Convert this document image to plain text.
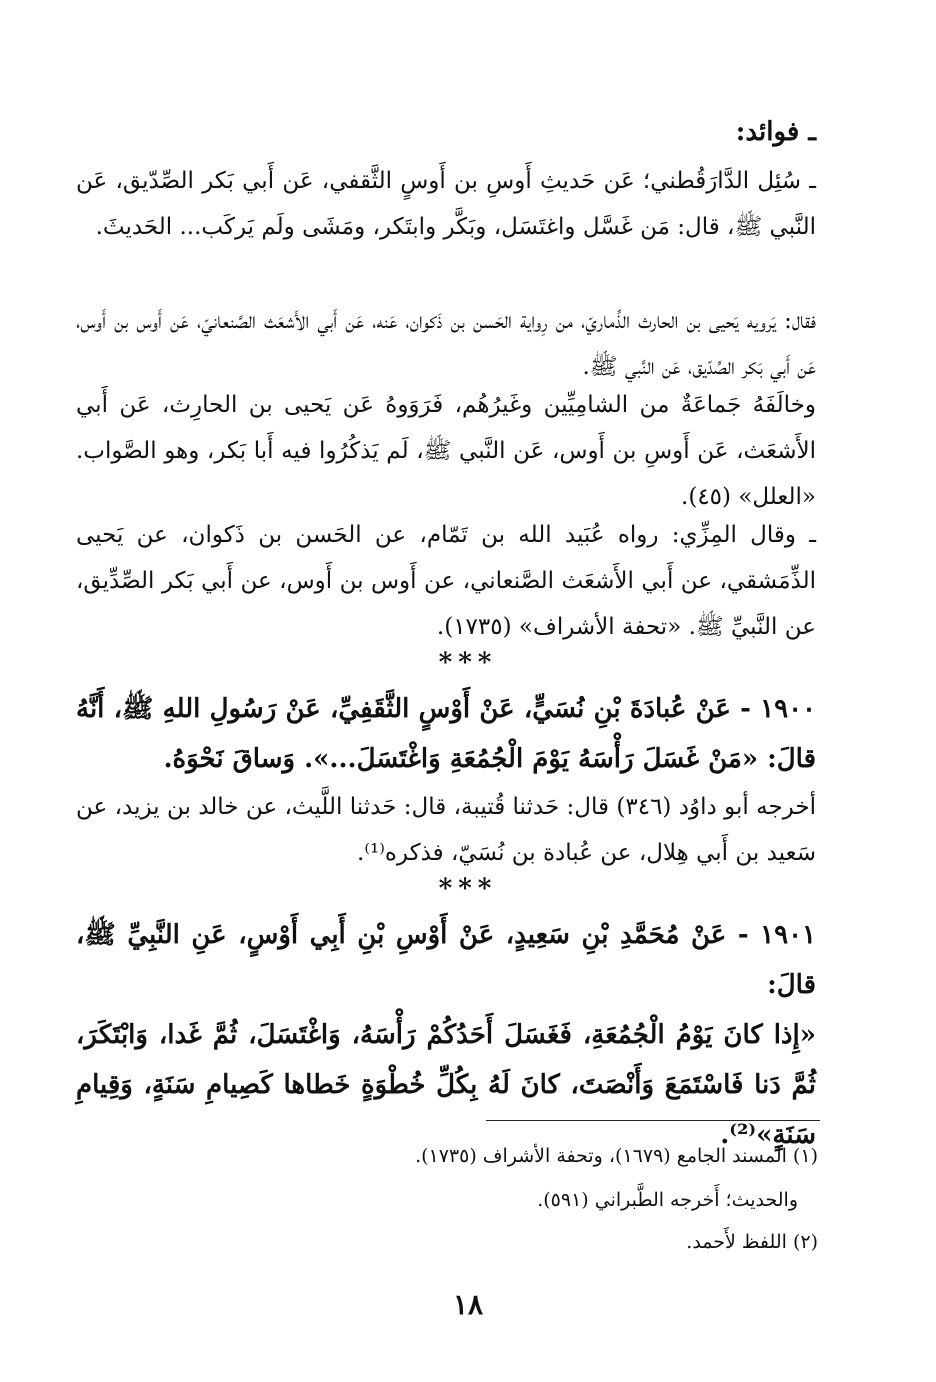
ـ فوائد:
ـ سُئِل الدَّارَقُطني؛ عَن حَديثِ أَوسِ بن أَوسٍ الثَّقفي، عَن أَبي بَكر الصِّدّيق، عَن النَّبي ﷺ، قال: مَن غَسَّل واغتَسَل، وبَكَّر وابتَكر، ومَشَى ولَم يَركَب... الحَديثَ.
فقال: يَرويه يَحيى بن الحارث الذِّماريّ، من رِواية الحَسن بن ذَكوان، عَنه، عَن أَبي الأَشعَث الصَّنعانيّ، عَن أَوس بن أَوس، عَن أَبي بَكر الصِّدّيق، عَن النَّبي ﷺ.
وخالَفَهُ جَماعَةٌ من الشامِيِّين وغَيرُهُم، فَرَوَوهُ عَن يَحيى بن الحارِث، عَن أَبي الأَشعَث، عَن أَوسِ بن أَوس، عَن النَّبي ﷺ، لَم يَذكُرُوا فيه أَبا بَكر، وهو الصَّواب. «العلل» (٤٥).
ـ وقال المِزِّي: رواه عُبَيد الله بن تَمّام، عن الحَسن بن ذَكوان، عن يَحيى الذِّمَشقي، عن أَبي الأَشعَث الصَّنعاني، عن أَوس بن أَوس، عن أَبي بَكر الصِّدِّيق، عن النَّبيِّ ﷺ. «تحفة الأشراف» (١٧٣٥).
***
١٩٠٠ - عَنْ عُبادَةَ بْنِ نُسَيٍّ، عَنْ أَوْسٍ الثَّقَفِيِّ، عَنْ رَسُولِ اللهِ ﷺ، أَنَّهُ قالَ: «مَنْ غَسَلَ رَأْسَهُ يَوْمَ الْجُمُعَةِ وَاغْتَسَلَ...». وَساقَ نَحْوَهُ.
أخرجه أبو داوُد (٣٤٦) قال: حَدثنا قُتيبة، قال: حَدثنا اللَّيث، عن خالد بن يزيد، عن سَعيد بن أَبي هِلال، عن عُبادة بن نُسَيّ، فذكره⁽¹⁾.
***
١٩٠١ - عَنْ مُحَمَّدِ بْنِ سَعِيدٍ، عَنْ أَوْسِ بْنِ أَبِي أَوْسٍ، عَنِ النَّبِيِّ ﷺ، قالَ:
«إِذا كانَ يَوْمُ الْجُمُعَةِ، فَغَسَلَ أَحَدُكُمْ رَأْسَهُ، وَاغْتَسَلَ، ثُمَّ غَدا، وَابْتَكَرَ، ثُمَّ دَنا فَاسْتَمَعَ وَأَنْصَتَ، كانَ لَهُ بِكُلِّ خُطْوَةٍ خَطاها كَصِيامِ سَنَةٍ، وَقِيامِ سَنَةٍ»⁽²⁾.
(١) المسند الجامع (١٦٧٩)، وتحفة الأشراف (١٧٣٥).
والحديث؛ أَخرجه الطَّبراني (٥٩١).
(٢) اللفظ لأَحمد.
١٨
